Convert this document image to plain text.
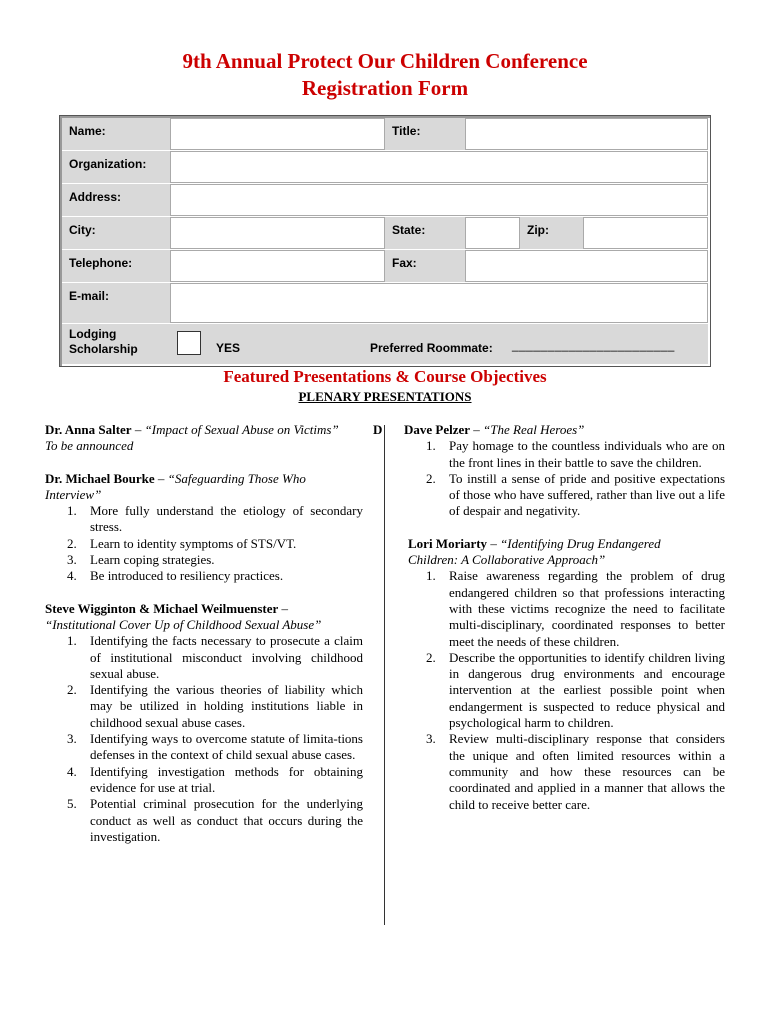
9th Annual Protect Our Children Conference
Registration Form
Name:	Title:
Organization:
Address:
City:	State:	Zip:
Telephone:	Fax:
E-mail:
Lodging
Scholarship	YES	Preferred Roommate: _______________________
Featured Presentations & Course Objectives
PLENARY PRESENTATIONS

Dr. Anna Salter – “Impact of Sexual Abuse on Victims”	D

To be announced

Dr. Michael Bourke – “Safeguarding Those Who

Interview”

1. More fully understand the etiology of secondary stress.
2. Learn to identity symptoms of STS/VT.
3. Learn coping strategies.
4. Be introduced to resiliency practices.

Steve Wigginton & Michael Weilmuenster –

“Institutional Cover Up of Childhood Sexual Abuse”

1. Identifying the facts necessary to prosecute a claim of institutional misconduct involving childhood sexual abuse.
2. Identifying the various theories of liability which may be utilized in holding institutions liable in childhood sexual abuse cases.
3. Identifying ways to overcome statute of limita-tions defenses in the context of child sexual abuse cases.
4. Identifying investigation methods for obtaining evidence for use at trial.
5. Potential criminal prosecution for the underlying conduct as well as conduct that occurs during the investigation.

Dave Pelzer – “The Real Heroes”

1. Pay homage to the countless individuals who are on the front lines in their battle to save the children.
2. To instill a sense of pride and positive expectations of those who have suffered, rather than live out a life of despair and negativity.

Lori Moriarty – “Identifying Drug Endangered

Children: A Collaborative Approach”

1. Raise awareness regarding the problem of drug endangered children so that professions interacting with these victims recognize the need to facilitate multi-disciplinary, coordinated responses to better meet the needs of these children.
2. Describe the opportunities to identify children living in dangerous drug environments and encourage intervention at the earliest possible point when endangerment is suspected to reduce physical and psychological harm to children.
3. Review multi-disciplinary response that considers the unique and often limited resources within a community and how these resources can be coordinated and applied in a manner that allows the child to receive better care.
